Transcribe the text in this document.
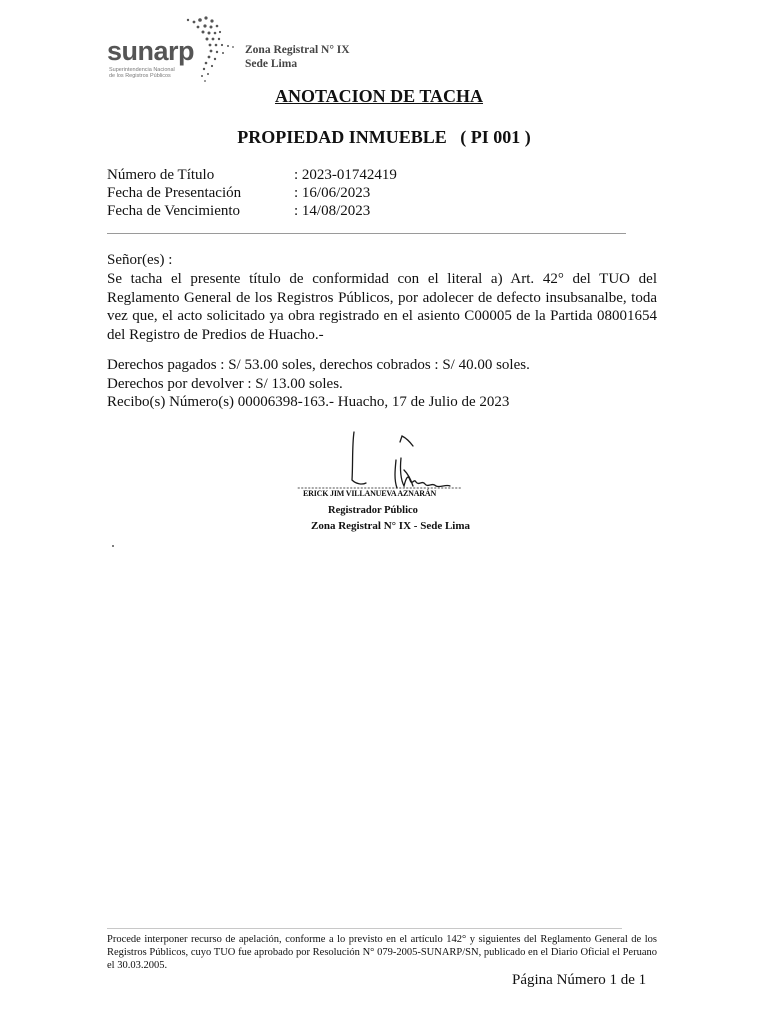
sunarp
Superintendencia Nacional
de los Registros Públicos
Zona Registral N° IX
Sede Lima
ANOTACION DE TACHA
PROPIEDAD INMUEBLE   ( PI 001 )
Número de Título	: 2023-01742419
Fecha de Presentación	: 16/06/2023
Fecha de Vencimiento	: 14/08/2023
Señor(es) :
Se tacha el presente título de conformidad con el literal a) Art. 42° del TUO del Reglamento General de los Registros Públicos, por adolecer de defecto insubsanalbe, toda vez que, el acto solicitado ya obra registrado en el asiento C00005 de la Partida 08001654 del Registro de Predios de Huacho.-
Derechos pagados : S/ 53.00 soles, derechos cobrados : S/ 40.00 soles.
Derechos por devolver : S/ 13.00 soles.
Recibo(s) Número(s) 00006398-163.- Huacho, 17 de Julio de 2023
ERICK JIM VILLANUEVA AZNARÁN
Registrador Público
Zona Registral N° IX - Sede Lima
Procede interponer recurso de apelación, conforme a lo previsto en el artículo 142° y siguientes del Reglamento General de los Registros Públicos, cuyo TUO fue aprobado por Resolución N° 079-2005-SUNARP/SN, publicado en el Diario Oficial el Peruano el 30.03.2005.
Página Número 1 de 1
